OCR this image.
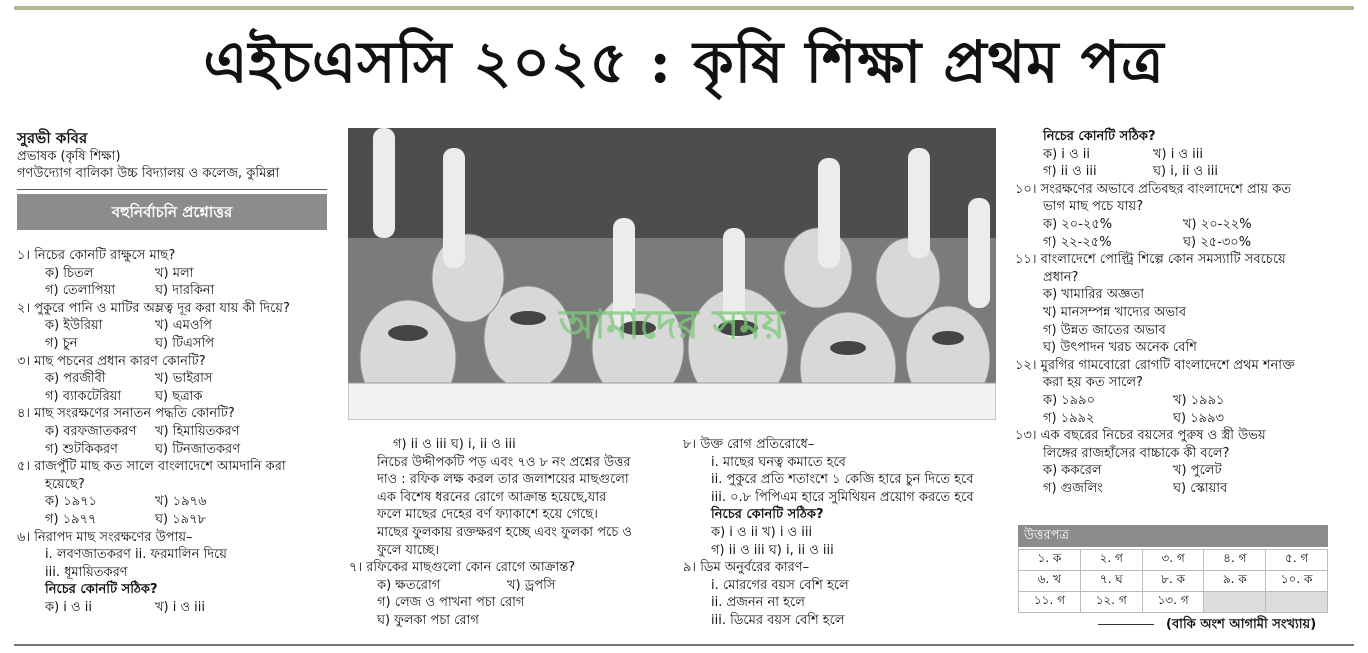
এইচএসসি ২০২৫ : কৃষি শিক্ষা প্রথম পত্র

সুরভী কবির

প্রভাষক (কৃষি শিক্ষা)

গণউদ্যোগ বালিকা উচ্চ বিদ্যালয় ও কলেজ, কুমিল্লা

বহুনির্বাচনি প্রশ্নোত্তর

১। নিচের কোনটি রাক্ষুসে মাছ?

ক) চিতল	খ) মলা

গ) তেলাপিয়া	ঘ) দারকিনা

২। পুকুরে পানি ও মাটির অম্লত্ব দূর করা যায় কী দিয়ে?

ক) ইউরিয়া	খ) এমওপি

গ) চুন	ঘ) টিএসপি

৩। মাছ পচনের প্রধান কারণ কোনটি?

ক) পরজীবী	খ) ভাইরাস

গ) ব্যাকটেরিয়া	ঘ) ছত্রাক

৪। মাছ সংরক্ষণের সনাতন পদ্ধতি কোনটি?

ক) বরফজাতকরণ	খ) হিমায়িতকরণ

গ) শুটকিকরণ	ঘ) টিনজাতকরণ

৫। রাজপুঁটি মাছ কত সালে বাংলাদেশে আমদানি করা

হয়েছে?

ক) ১৯৭১	খ) ১৯৭৬

গ) ১৯৭৭	ঘ) ১৯৭৮

৬। নিরাপদ মাছ সংরক্ষণের উপায়–

i. লবণজাতকরণ ii. ফরমালিন দিয়ে

iii. ধূমায়িতকরণ

নিচের কোনটি সঠিক?

ক) i ও ii	খ) i ও iii

আমাদের সময়

গ) ii ও iii ঘ) i, ii ও iii

নিচের উদ্দীপকটি পড় এবং ৭ও ৮ নং প্রশ্নের উত্তর

দাও : রফিক লক্ষ করল তার জলাশয়ের মাছগুলো

এক বিশেষ ধরনের রোগে আক্রান্ত হয়েছে,যার

ফলে মাছের দেহের বর্ণ ফ্যাকাশে হয়ে গেছে।

মাছের ফুলকায় রক্তক্ষরণ হচ্ছে এবং ফুলকা পচে ও

ফুলে যাচ্ছে।

৭। রফিকের মাছগুলো কোন রোগে আক্রান্ত?

ক) ক্ষতরোগ	খ) ড্রপসি

গ) লেজ ও পাখনা পচা রোগ

ঘ) ফুলকা পচা রোগ

৮। উক্ত রোগ প্রতিরোধে–

i. মাছের ঘনত্ব কমাতে হবে

ii. পুকুরে প্রতি শতাংশে ১ কেজি হারে চুন দিতে হবে

iii. ০.৮ পিপিএম হারে সুমিথিয়ন প্রয়োগ করতে হবে

নিচের কোনটি সঠিক?

ক) i ও ii খ) i ও iii

গ) ii ও iii ঘ) i, ii ও iii

৯। ডিম অনুর্বরের কারণ–

i. মোরগের বয়স বেশি হলে

ii. প্রজনন না হলে

iii. ডিমের বয়স বেশি হলে

নিচের কোনটি সঠিক?

ক) i ও ii	খ) i ও iii

গ) ii ও iii	ঘ) i, ii ও iii

১০। সংরক্ষণের অভাবে প্রতিবছর বাংলাদেশে প্রায় কত

ভাগ মাছ পচে যায়?

ক) ২০-২৫%	খ) ২০-২২%

গ) ২২-২৫%	ঘ) ২৫-৩০%

১১। বাংলাদেশে পোল্ট্রি শিল্পে কোন সমস্যাটি সবচেয়ে

প্রধান?

ক) খামারির অজ্ঞতা

খ) মানসম্পন্ন খাদ্যের অভাব

গ) উন্নত জাতের অভাব

ঘ) উৎপাদন খরচ অনেক বেশি

১২। মুরগির গামবোরো রোগটি বাংলাদেশে প্রথম শনাক্ত

করা হয় কত সালে?

ক) ১৯৯০	খ) ১৯৯১

গ) ১৯৯২	ঘ) ১৯৯৩

১৩। এক বছরের নিচের বয়সের পুরুষ ও স্ত্রী উভয়

লিঙ্গের রাজহাঁসের বাচ্চাকে কী বলে?

ক) ককরেল	খ) পুলেট

গ) গুজলিং	ঘ) স্কোয়াব

উত্তরপত্র
১. ক	২. গ	৩. গ	৪. গ	৫. গ
৬. খ	৭. ঘ	৮. ক	৯. ক	১০. ক
১১. গ	১২. গ	১৩. গ		
(বাকি অংশ আগামী সংখ্যায়)
